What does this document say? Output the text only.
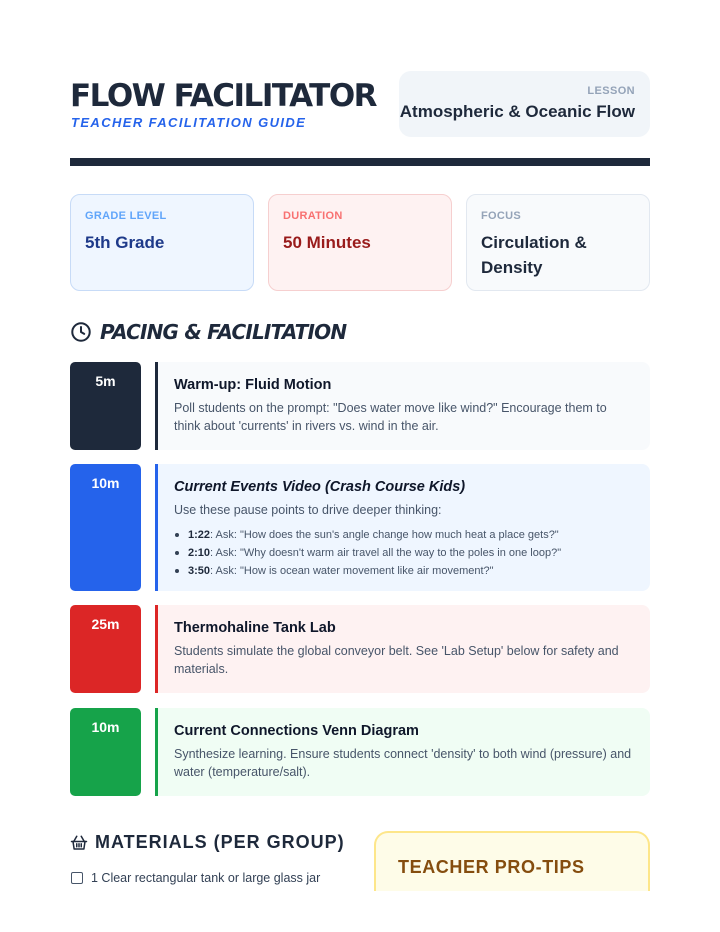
FLOW FACILITATOR
TEACHER FACILITATION GUIDE
LESSON
Atmospheric & Oceanic Flow
GRADE LEVEL
5th Grade
DURATION
50 Minutes
FOCUS
Circulation & Density
PACING & FACILITATION
5m	Warm-up: Fluid Motion
Poll students on the prompt: "Does water move like wind?" Encourage them to think about 'currents' in rivers vs. wind in the air.
10m	Current Events Video (Crash Course Kids)
Use these pause points to drive deeper thinking:
1:22: Ask: "How does the sun's angle change how much heat a place gets?"
2:10: Ask: "Why doesn't warm air travel all the way to the poles in one loop?"
3:50: Ask: "How is ocean water movement like air movement?"
25m	Thermohaline Tank Lab
Students simulate the global conveyor belt. See 'Lab Setup' below for safety and materials.
10m	Current Connections Venn Diagram
Synthesize learning. Ensure students connect 'density' to both wind (pressure) and water (temperature/salt).
MATERIALS (PER GROUP)
1 Clear rectangular tank or large glass jar
TEACHER PRO-TIPS
